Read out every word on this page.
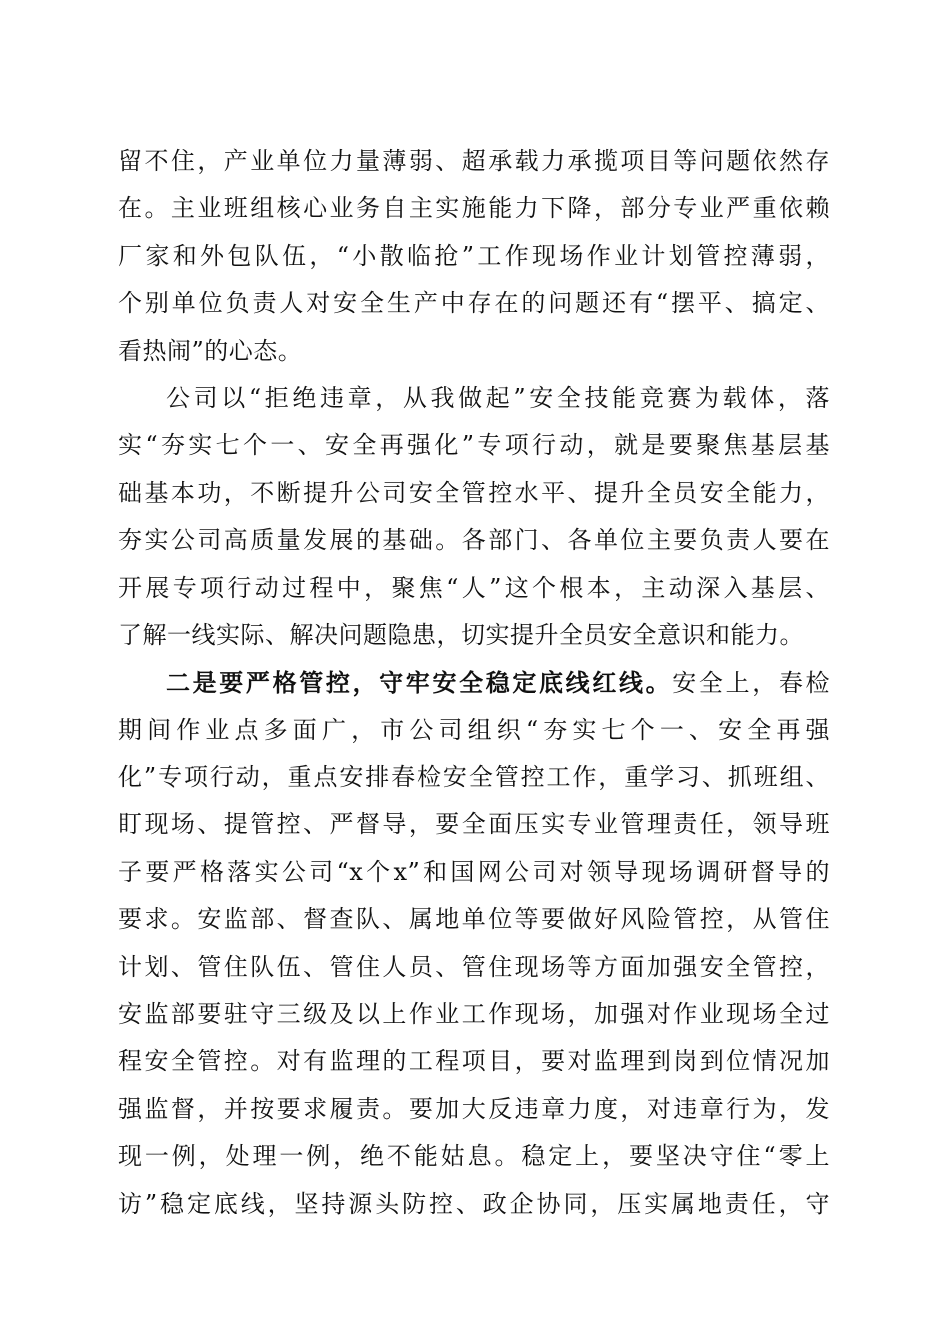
留不住，产业单位力量薄弱、超承载力承揽项目等问题依然存
在。主业班组核心业务自主实施能力下降，部分专业严重依赖
厂家和外包队伍，“小散临抢”工作现场作业计划管控薄弱，
个别单位负责人对安全生产中存在的问题还有“摆平、搞定、
看热闹”的心态。

公司以“拒绝违章，从我做起”安全技能竞赛为载体，落
实“夯实七个一、安全再强化”专项行动，就是要聚焦基层基
础基本功，不断提升公司安全管控水平、提升全员安全能力，
夯实公司高质量发展的基础。各部门、各单位主要负责人要在
开展专项行动过程中，聚焦“人”这个根本，主动深入基层、
了解一线实际、解决问题隐患，切实提升全员安全意识和能力。

二是要严格管控，守牢安全稳定底线红线。安全上，春检
期间作业点多面广，市公司组织“夯实七个一、安全再强
化”专项行动，重点安排春检安全管控工作，重学习、抓班组、
盯现场、提管控、严督导，要全面压实专业管理责任，领导班
子要严格落实公司“x个x”和国网公司对领导现场调研督导的
要求。安监部、督查队、属地单位等要做好风险管控，从管住
计划、管住队伍、管住人员、管住现场等方面加强安全管控，
安监部要驻守三级及以上作业工作现场，加强对作业现场全过
程安全管控。对有监理的工程项目，要对监理到岗到位情况加
强监督，并按要求履责。要加大反违章力度，对违章行为，发
现一例，处理一例，绝不能姑息。稳定上，要坚决守住“零上
访”稳定底线，坚持源头防控、政企协同，压实属地责任，守
